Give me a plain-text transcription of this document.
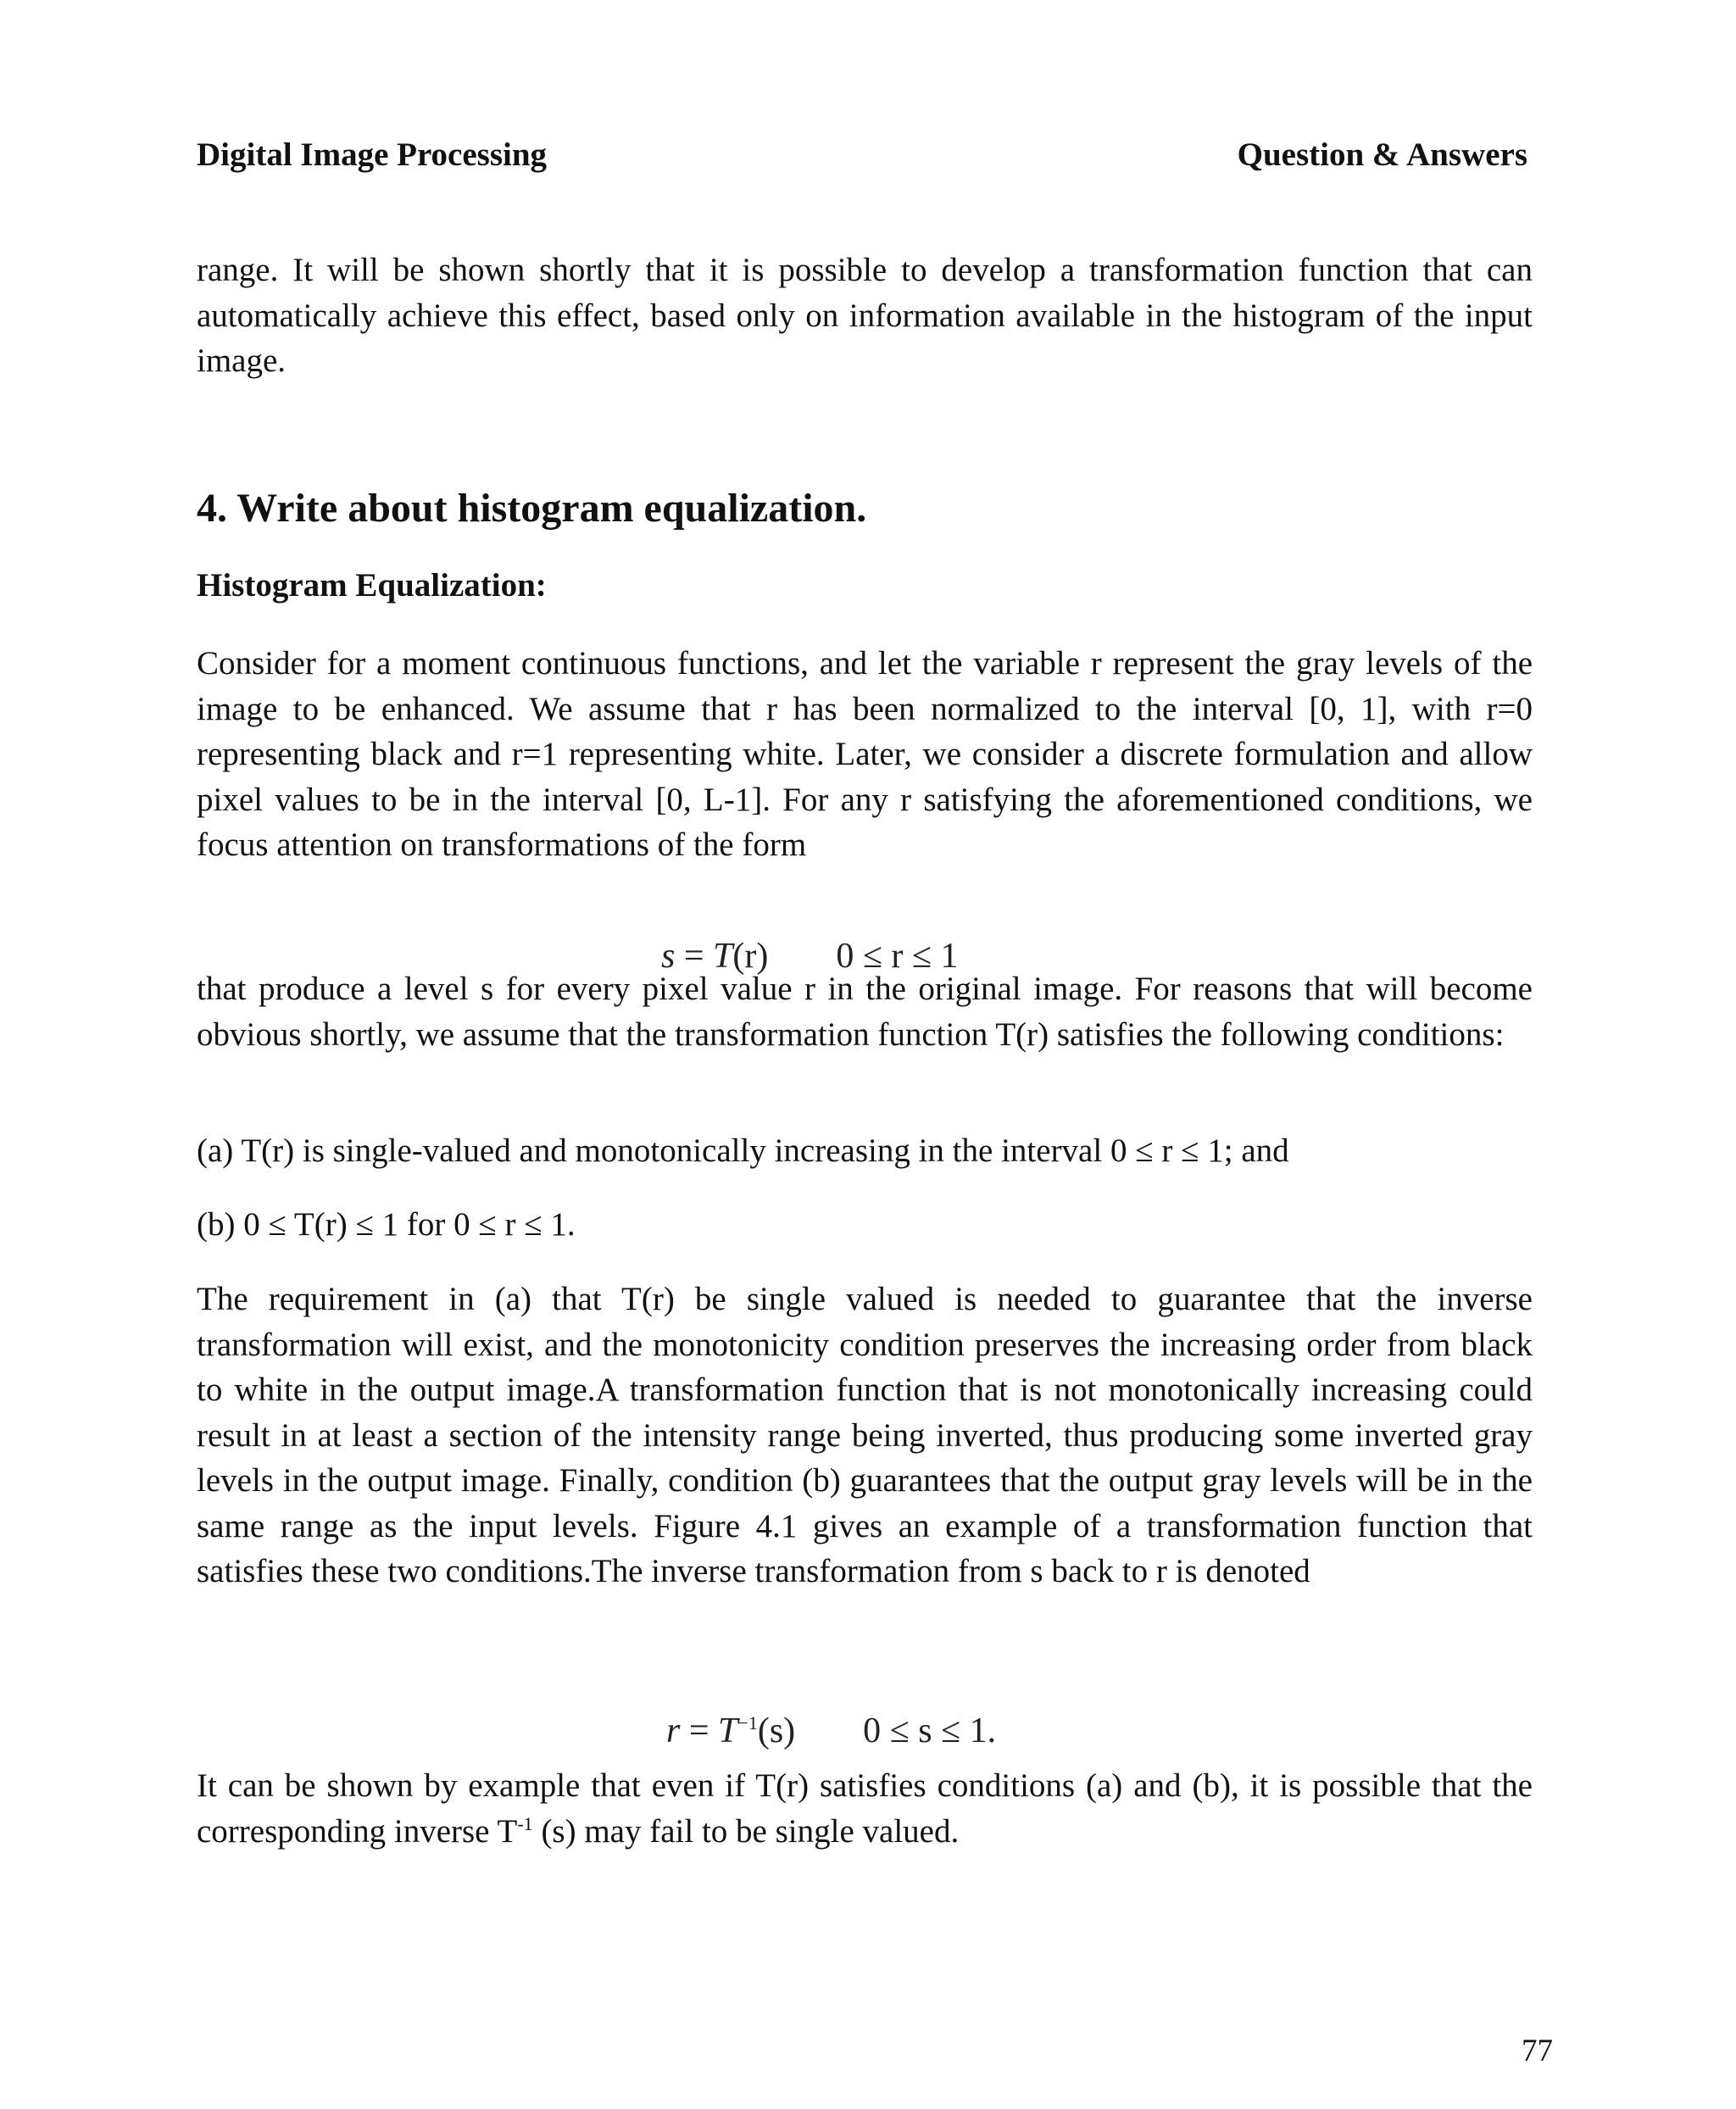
Digital Image Processing	Question & Answers

range. It will be shown shortly that it is possible to develop a transformation function that can automatically achieve this effect, based only on information available in the histogram of the input image.

4. Write about histogram equalization.
Histogram Equalization:

Consider for a moment continuous functions, and let the variable r represent the gray levels of the image to be enhanced. We assume that r has been normalized to the interval [0, 1], with r=0 representing black and r=1 representing white. Later, we consider a discrete formulation and allow pixel values to be in the interval [0, L-1]. For any r satisfying the aforementioned conditions, we focus attention on transformations of the form

s = T(r) 0 ≤ r ≤ 1

that produce a level s for every pixel value r in the original image. For reasons that will become obvious shortly, we assume that the transformation function T(r) satisfies the following conditions:

(a) T(r) is single-valued and monotonically increasing in the interval 0 ≤ r ≤ 1; and

(b) 0 ≤ T(r) ≤ 1 for 0 ≤ r ≤ 1.

The requirement in (a) that T(r) be single valued is needed to guarantee that the inverse transformation will exist, and the monotonicity condition preserves the increasing order from black to white in the output image.A transformation function that is not monotonically increasing could result in at least a section of the intensity range being inverted, thus producing some inverted gray levels in the output image. Finally, condition (b) guarantees that the output gray levels will be in the same range as the input levels. Figure 4.1 gives an example of a transformation function that satisfies these two conditions.The inverse transformation from s back to r is denoted

$r = T^{-1}(s) 0 \le s \le 1$.

It can be shown by example that even if T(r) satisfies conditions (a) and (b), it is possible that the corresponding inverse $T^{-1}$ (s) may fail to be single valued.

77
